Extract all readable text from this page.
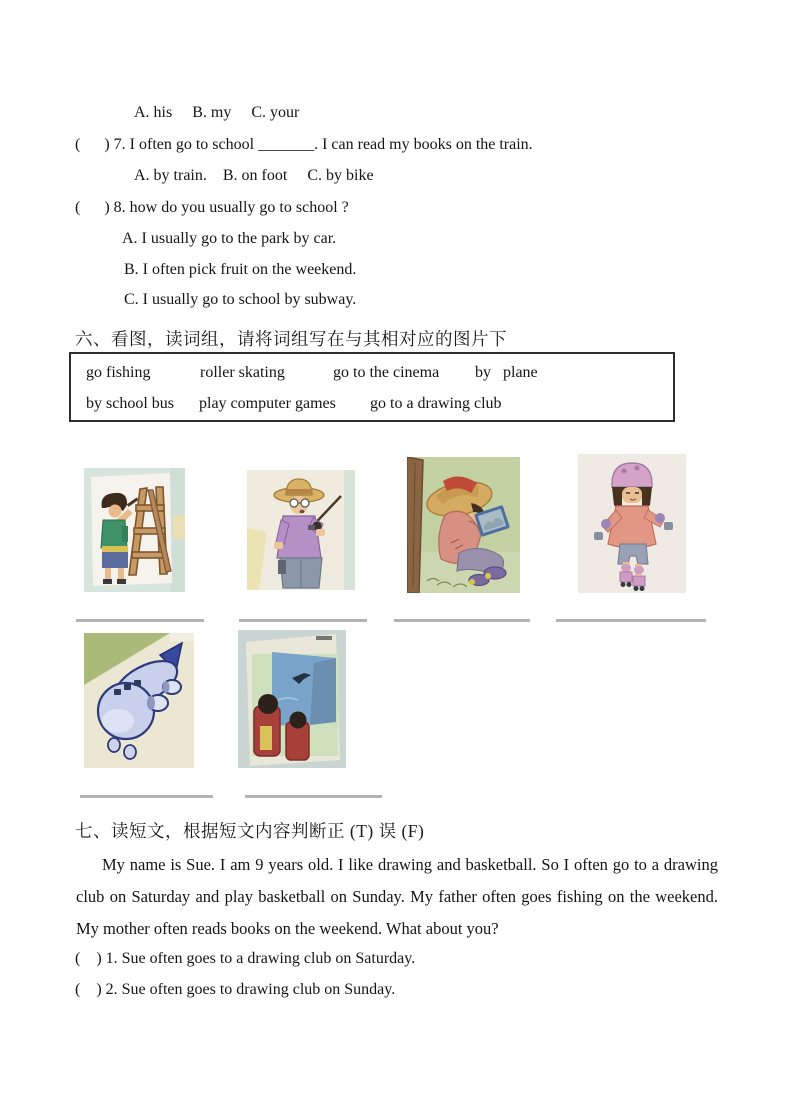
A. his     B. my     C. your
(      ) 7. I often go to school _______. I can read my books on the train.
A. by train.    B. on foot     C. by bike
(      ) 8. how do you usually go to school ?
A. I usually go to the park by car.
B. I often pick fruit on the weekend.
C. I usually go to school by subway.
六、看图，读词组，请将词组写在与其相对应的图片下
go fishing	roller skating	go to the cinema by   plane
by school bus play computer games go to a drawing club
七、读短文，根据短文内容判断正 (T) 误 (F)
My name is Sue. I am 9 years old. I like drawing and basketball. So I often go to a drawing club on Saturday and play basketball on Sunday. My father often goes fishing on the weekend. My mother often reads books on the weekend. What about you?
(    ) 1. Sue often goes to a drawing club on Saturday.
(    ) 2. Sue often goes to drawing club on Sunday.
